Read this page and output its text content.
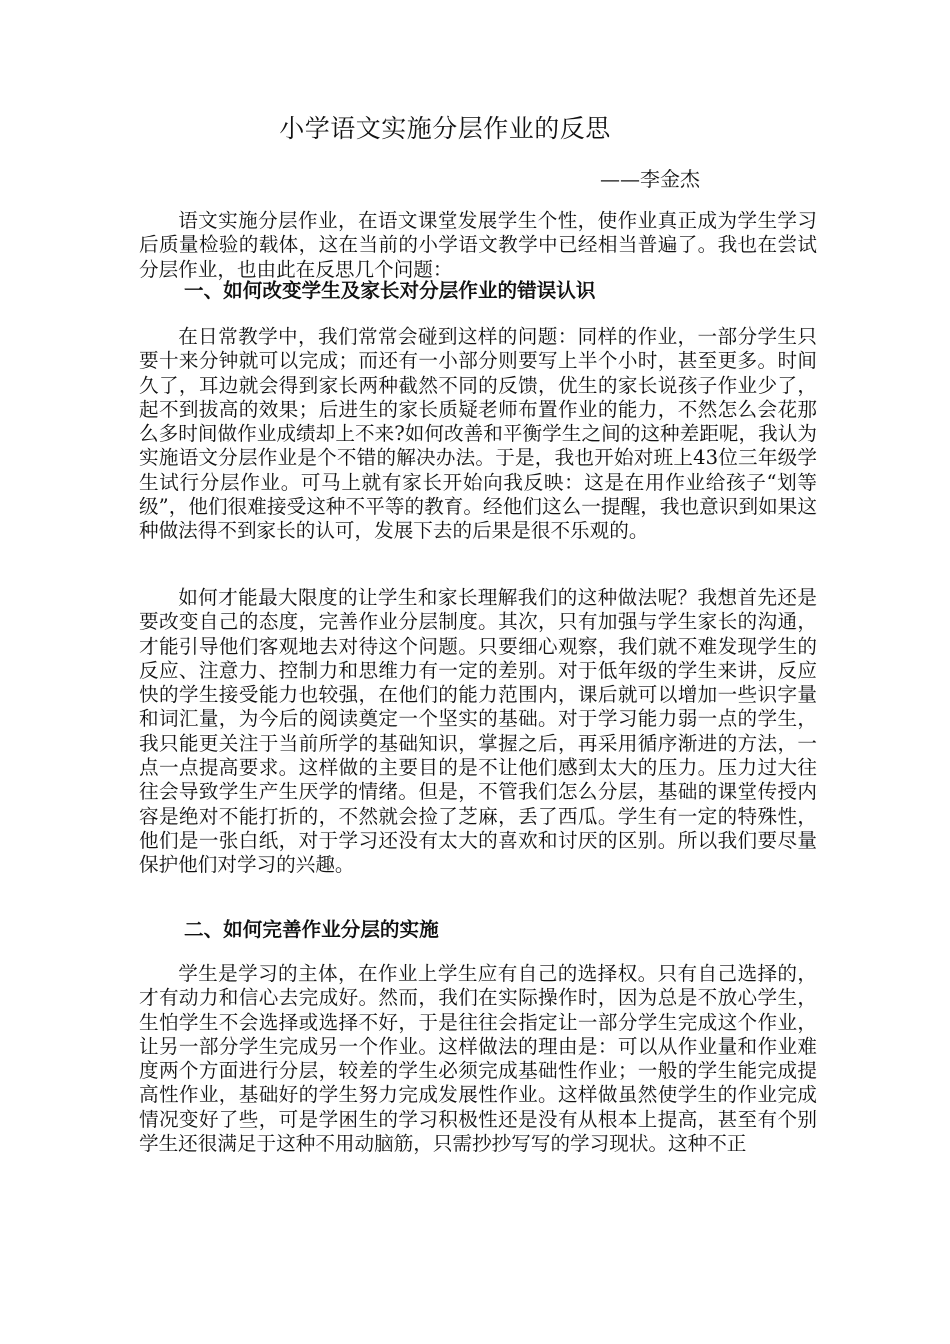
小学语文实施分层作业的反思
——李金杰

语文实施分层作业，在语文课堂发展学生个性，使作业真正成为学生学习后质量检验的载体，这在当前的小学语文教学中已经相当普遍了。我也在尝试分层作业，也由此在反思几个问题：

一、如何改变学生及家长对分层作业的错误认识

在日常教学中，我们常常会碰到这样的问题：同样的作业，一部分学生只要十来分钟就可以完成；而还有一小部分则要写上半个小时，甚至更多。时间久了，耳边就会得到家长两种截然不同的反馈，优生的家长说孩子作业少了，起不到拔高的效果；后进生的家长质疑老师布置作业的能力，不然怎么会花那么多时间做作业成绩却上不来?如何改善和平衡学生之间的这种差距呢，我认为实施语文分层作业是个不错的解决办法。于是，我也开始对班上43位三年级学生试行分层作业。可马上就有家长开始向我反映：这是在用作业给孩子“划等级”，他们很难接受这种不平等的教育。经他们这么一提醒，我也意识到如果这种做法得不到家长的认可，发展下去的后果是很不乐观的。

如何才能最大限度的让学生和家长理解我们的这种做法呢？我想首先还是要改变自己的态度，完善作业分层制度。其次，只有加强与学生家长的沟通，才能引导他们客观地去对待这个问题。只要细心观察，我们就不难发现学生的反应、注意力、控制力和思维力有一定的差别。对于低年级的学生来讲，反应快的学生接受能力也较强，在他们的能力范围内，课后就可以增加一些识字量和词汇量，为今后的阅读奠定一个坚实的基础。对于学习能力弱一点的学生，我只能更关注于当前所学的基础知识，掌握之后，再采用循序渐进的方法，一点一点提高要求。这样做的主要目的是不让他们感到太大的压力。压力过大往往会导致学生产生厌学的情绪。但是，不管我们怎么分层，基础的课堂传授内容是绝对不能打折的，不然就会捡了芝麻，丢了西瓜。学生有一定的特殊性，他们是一张白纸，对于学习还没有太大的喜欢和讨厌的区别。所以我们要尽量保护他们对学习的兴趣。

二、如何完善作业分层的实施

学生是学习的主体，在作业上学生应有自己的选择权。只有自己选择的，才有动力和信心去完成好。然而，我们在实际操作时，因为总是不放心学生，生怕学生不会选择或选择不好，于是往往会指定让一部分学生完成这个作业，让另一部分学生完成另一个作业。这样做法的理由是：可以从作业量和作业难度两个方面进行分层，较差的学生必须完成基础性作业；一般的学生能完成提高性作业，基础好的学生努力完成发展性作业。这样做虽然使学生的作业完成情况变好了些，可是学困生的学习积极性还是没有从根本上提高，甚至有个别学生还很满足于这种不用动脑筋，只需抄抄写写的学习现状。这种不正
